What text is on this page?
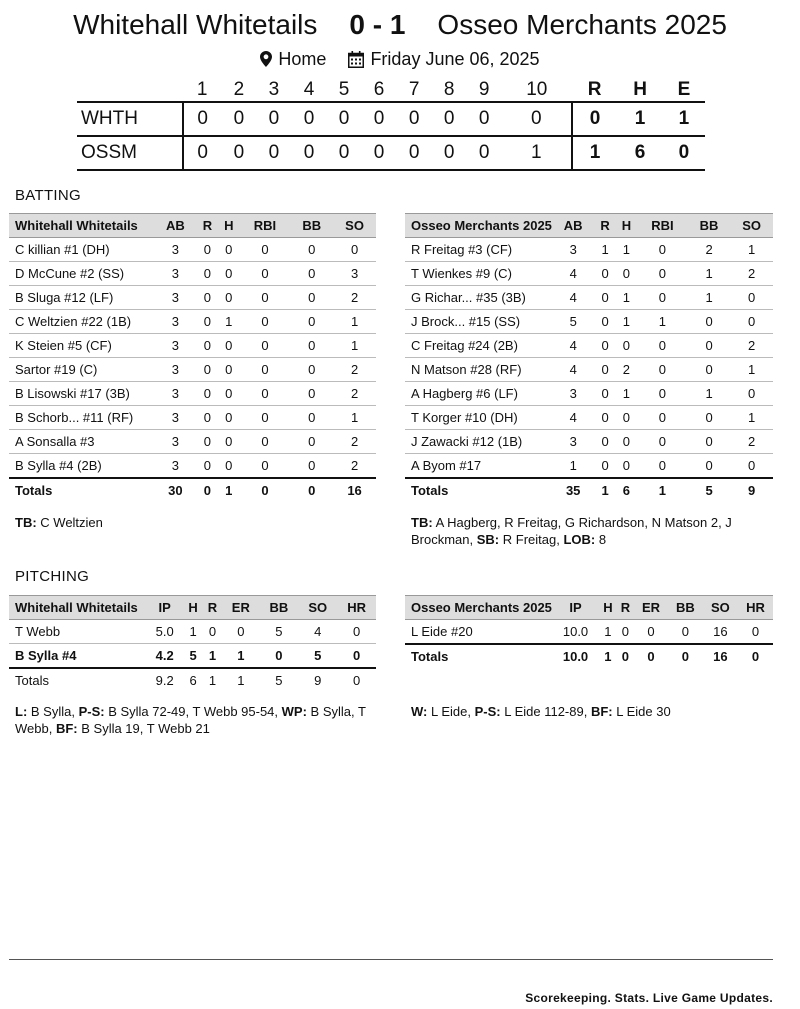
Whitehall Whitetails 0 - 1 Osseo Merchants 2025
Home Friday June 06, 2025
	1	2	3	4	5	6	7	8	9	10	R	H	E
WHTH	0	0	0	0	0	0	0	0	0	0	0	1	1
OSSM	0	0	0	0	0	0	0	0	0	1	1	6	0
BATTING
Whitehall Whitetails	AB	R	H	RBI	BB	SO
C killian #1 (DH)	3	0	0	0	0	0
D McCune #2 (SS)	3	0	0	0	0	3
B Sluga #12 (LF)	3	0	0	0	0	2
C Weltzien #22 (1B)	3	0	1	0	0	1
K Steien #5 (CF)	3	0	0	0	0	1
Sartor #19 (C)	3	0	0	0	0	2
B Lisowski #17 (3B)	3	0	0	0	0	2
B Schorb... #11 (RF)	3	0	0	0	0	1
A Sonsalla #3	3	0	0	0	0	2
B Sylla #4 (2B)	3	0	0	0	0	2
Totals	30	0	1	0	0	16
Osseo Merchants 2025	AB	R	H	RBI	BB	SO
R Freitag #3 (CF)	3	1	1	0	2	1
T Wienkes #9 (C)	4	0	0	0	1	2
G Richar... #35 (3B)	4	0	1	0	1	0
J Brock... #15 (SS)	5	0	1	1	0	0
C Freitag #24 (2B)	4	0	0	0	0	2
N Matson #28 (RF)	4	0	2	0	0	1
A Hagberg #6 (LF)	3	0	1	0	1	0
T Korger #10 (DH)	4	0	0	0	0	1
J Zawacki #12 (1B)	3	0	0	0	0	2
A Byom #17	1	0	0	0	0	0
Totals	35	1	6	1	5	9
TB: C Weltzien	TB: A Hagberg, R Freitag, G Richardson, N Matson 2, J Brockman, SB: R Freitag, LOB: 8
PITCHING
Whitehall Whitetails	IP	H	R	ER	BB	SO	HR
T Webb	5.0	1	0	0	5	4	0
B Sylla #4	4.2	5	1	1	0	5	0
Totals	9.2	6	1	1	5	9	0
Osseo Merchants 2025	IP	H	R	ER	BB	SO	HR
L Eide #20	10.0	1	0	0	0	16	0
Totals	10.0	1	0	0	0	16	0
L: B Sylla, P-S: B Sylla 72-49, T Webb 95-54, WP: B Sylla, T Webb, BF: B Sylla 19, T Webb 21
W: L Eide, P-S: L Eide 112-89, BF: L Eide 30
Scorekeeping. Stats. Live Game Updates.
